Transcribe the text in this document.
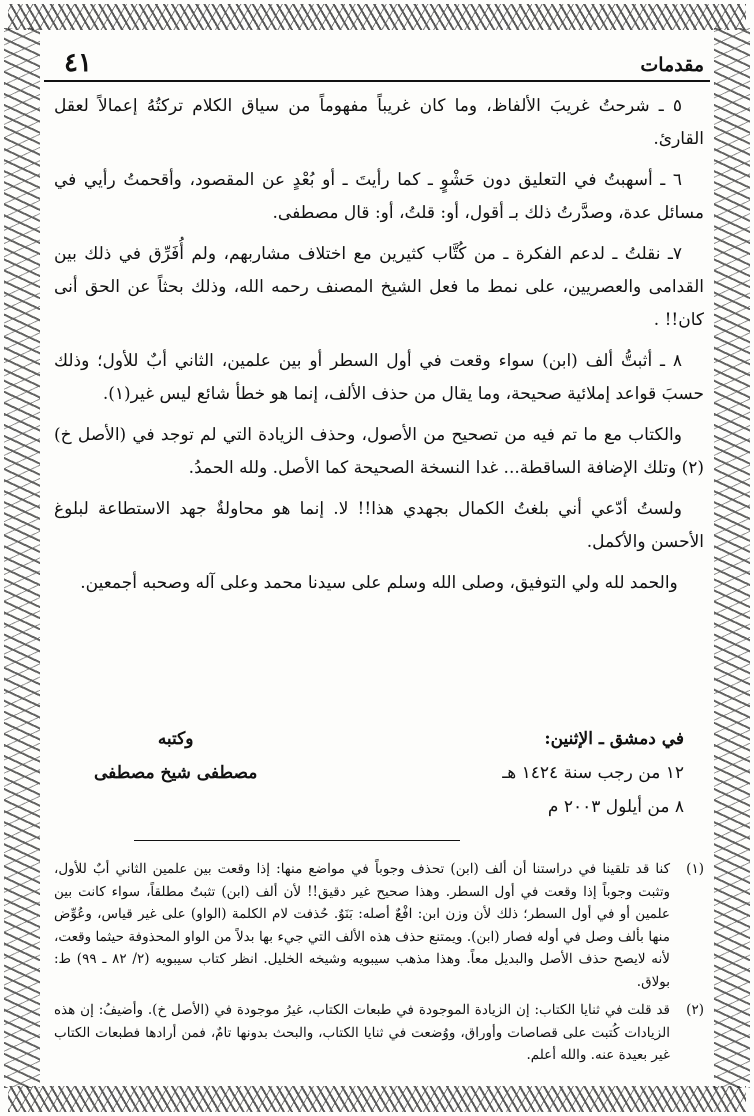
مقدمات
٤١

٥ ـ شرحتُ غريبَ الألفاظ، وما كان غريباً مفهوماً من سياق الكلام تركتُهُ إعمالاً لعقل القارئ.

٦ ـ أسهبتُ في التعليق دون حَشْوٍ ـ كما رأيتَ ـ أو بُعْدٍ عن المقصود، وأقحمتُ رأيي في مسائل عدة، وصدَّرتُ ذلك بـ أقول، أو: قلتُ، أو: قال مصطفى.

٧ـ نقلتُ ـ لدعم الفكرة ـ من كُتَّاب كثيرين مع اختلاف مشاربهم، ولم أُفَرِّق في ذلك بين القدامى والعصريين، على نمط ما فعل الشيخ المصنف رحمه الله، وذلك بحثاً عن الحق أنى كان!! .

٨ ـ أثبتُّ ألف (ابن) سواء وقعت في أول السطر أو بين علمين، الثاني أبٌ للأول؛ وذلك حسبَ قواعد إملائية صحيحة، وما يقال من حذف الألف، إنما هو خطأ شائع ليس غير(١).

والكتاب مع ما تم فيه من تصحيح من الأصول، وحذف الزيادة التي لم توجد في (الأصل خ)(٢) وتلك الإضافة الساقطة... غدا النسخة الصحيحة كما الأصل. ولله الحمدُ.

ولستُ أدّعي أني بلغتُ الكمال بجهدي هذا!! لا. إنما هو محاولةٌ جهد الاستطاعة لبلوغ الأحسن والأكمل.

والحمد لله ولي التوفيق، وصلى الله وسلم على سيدنا محمد وعلى آله وصحبه أجمعين.

في دمشق ـ الإثنين:
١٢ من رجب سنة ١٤٢٤ هـ
٨ من أيلول ٢٠٠٣ م
وكتبه
مصطفى شيخ مصطفى
(١)
كنا قد تلقينا في دراستنا أن ألف (ابن) تحذف وجوباً في مواضع منها: إذا وقعت بين علمين الثاني أبٌ للأول، وتثبت وجوباً إذا وقعت في أول السطر. وهذا صحيح غير دقيق!! لأن ألف (ابن) تثبتُ مطلقاً، سواء كانت بين علمين أو في أول السطر؛ ذلك لأن وزن ابن: افْعٌ أصله: بَنَوٌ. حُذفت لام الكلمة (الواو) على غير قياس، وعُوِّض منها بألف وصل في أوله فصار (ابن). ويمتنع حذف هذه الألف التي جيء بها بدلاً من الواو المحذوفة حيثما وقعت، لأنه لايصح حذف الأصل والبديل معاً. وهذا مذهب سيبويه وشيخه الخليل. انظر كتاب سيبويه (٢/ ٨٢ ـ ٩٩) ط: بولاق.
(٢)
قد قلت في ثنايا الكتاب: إن الزيادة الموجودة في طبعات الكتاب، غيرُ موجودة في (الأصل خ). وأضيفُ: إن هذه الزيادات كُتبت على قصاصات وأوراق، ووُضعت في ثنايا الكتاب، والبحث بدونها تامٌ، فمن أرادها فطبعات الكتاب غير بعيدة عنه. والله أعلم.
